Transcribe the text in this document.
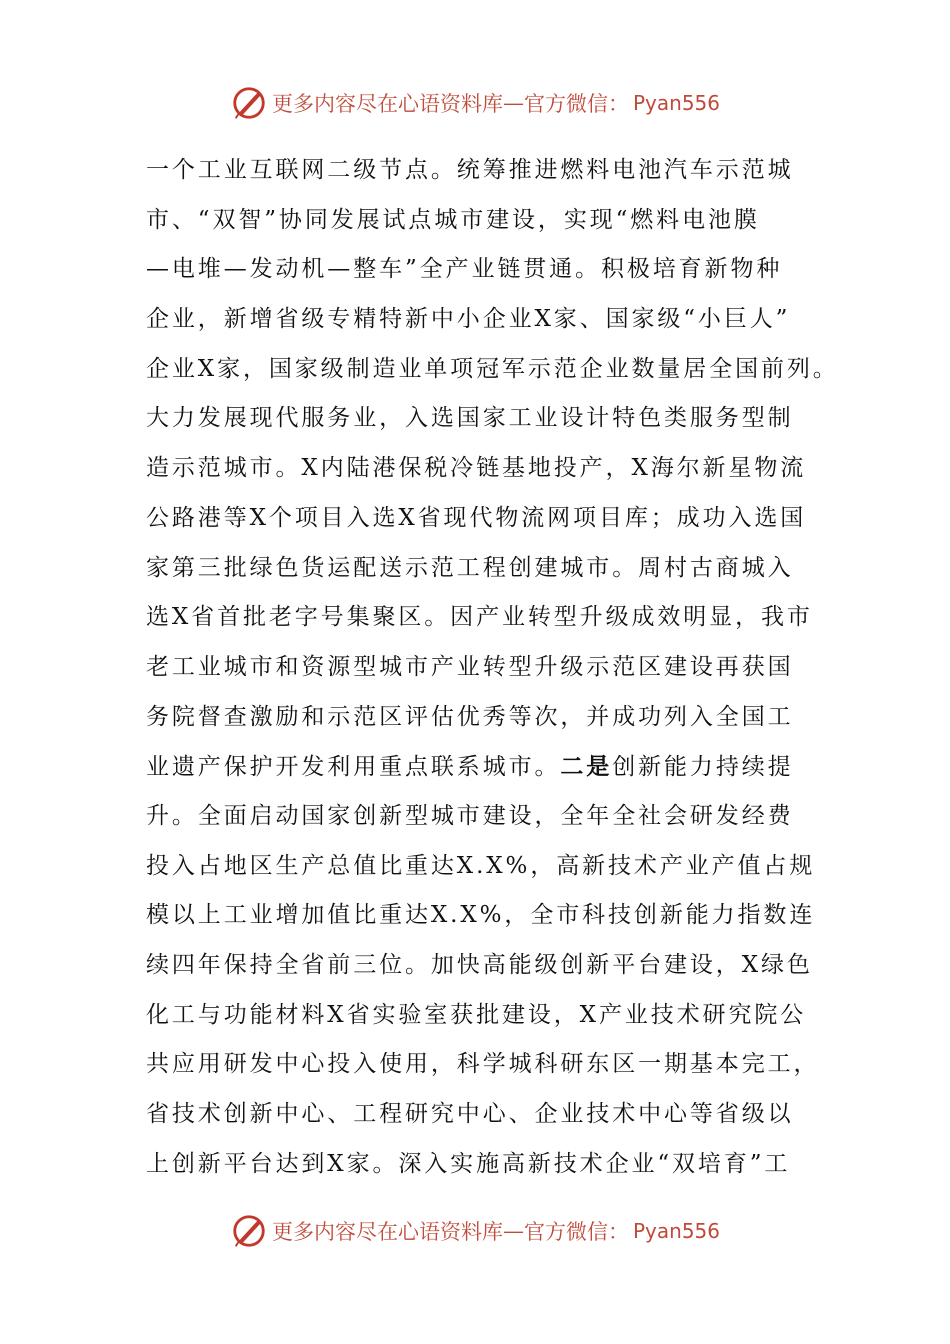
更多内容尽在心语资料库 — 官方微信： Pyan556
一个工业互联网二级节点。统筹推进燃料电池汽车示范城
市、“双智”协同发展试点城市建设，实现“燃料电池膜
—电堆—发动机—整车”全产业链贯通。积极培育新物种
企业，新增省级专精特新中小企业X家、国家级“小巨人”
企业X家，国家级制造业单项冠军示范企业数量居全国前列。
大力发展现代服务业，入选国家工业设计特色类服务型制
造示范城市。X内陆港保税冷链基地投产，X海尔新星物流
公路港等X个项目入选X省现代物流网项目库；成功入选国
家第三批绿色货运配送示范工程创建城市。周村古商城入
选X省首批老字号集聚区。因产业转型升级成效明显，我市
老工业城市和资源型城市产业转型升级示范区建设再获国
务院督查激励和示范区评估优秀等次，并成功列入全国工
业遗产保护开发利用重点联系城市。二是创新能力持续提
升。全面启动国家创新型城市建设，全年全社会研发经费
投入占地区生产总值比重达X.X%，高新技术产业产值占规
模以上工业增加值比重达X.X%，全市科技创新能力指数连
续四年保持全省前三位。加快高能级创新平台建设，X绿色
化工与功能材料X省实验室获批建设，X产业技术研究院公
共应用研发中心投入使用，科学城科研东区一期基本完工，
省技术创新中心、工程研究中心、企业技术中心等省级以
上创新平台达到X家。深入实施高新技术企业“双培育”工
更多内容尽在心语资料库 — 官方微信： Pyan556
